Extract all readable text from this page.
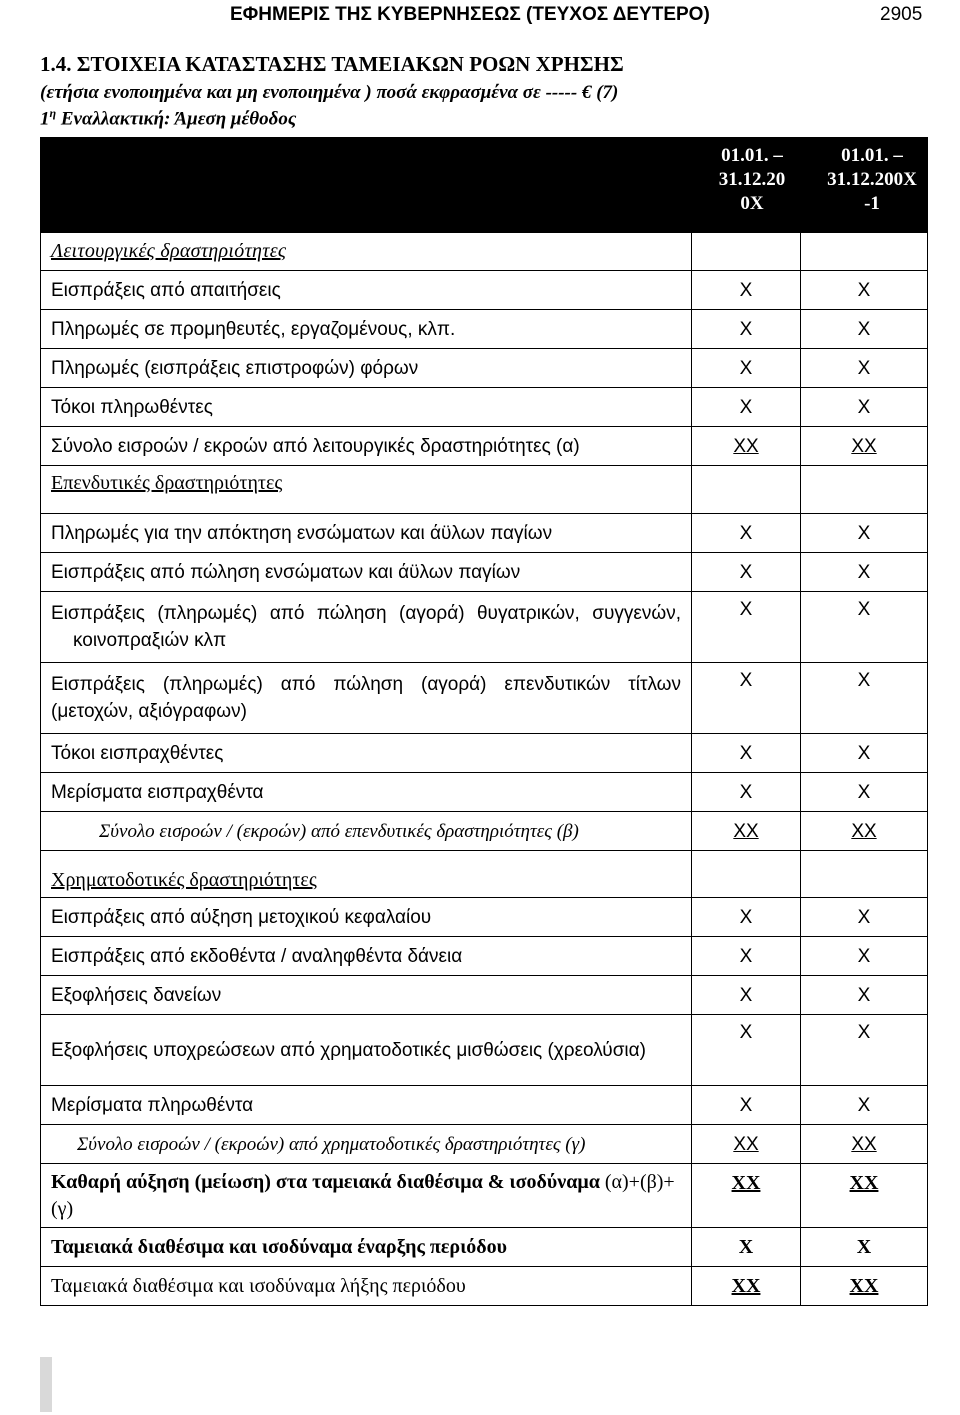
ΕΦΗΜΕΡΙΣ ΤΗΣ ΚΥΒΕΡΝΗΣΕΩΣ (ΤΕΥΧΟΣ ΔΕΥΤΕΡΟ)	2905
1.4. ΣΤΟΙΧΕΙΑ ΚΑΤΑΣΤΑΣΗΣ ΤΑΜΕΙΑΚΩΝ ΡΟΩΝ ΧΡΗΣΗΣ
(ετήσια ενοποιημένα και μη ενοποιημένα ) ποσά εκφρασμένα σε ----- € (7)
$1^\eta$ Εναλλακτική: Άμεση μέθοδος
	01.01. – 31.12.20 0Χ	01.01. – 31.12.200Χ -1
Λειτουργικές δραστηριότητες		
Εισπράξεις από απαιτήσεις	Χ	Χ
Πληρωμές σε προμηθευτές, εργαζομένους, κλπ.	Χ	Χ
Πληρωμές (εισπράξεις επιστροφών) φόρων	Χ	Χ
Τόκοι πληρωθέντες	Χ	Χ
Σύνολο εισροών / εκροών από λειτουργικές δραστηριότητες (α)	ΧΧ	ΧΧ
Επενδυτικές δραστηριότητες		
Πληρωμές για την απόκτηση ενσώματων και άϋλων παγίων	Χ	Χ
Εισπράξεις από πώληση ενσώματων και άϋλων παγίων	Χ	Χ

Εισπράξεις (πληρωμές) από πώληση (αγορά) θυγατρικών, συγγενών, κοινοπραξιών κλπ	Χ	Χ

Εισπράξεις (πληρωμές) από πώληση (αγορά) επενδυτικών τίτλων (μετοχών, αξιόγραφων)	Χ	Χ
Τόκοι εισπραχθέντες	Χ	Χ
Μερίσματα εισπραχθέντα	Χ	Χ
Σύνολο εισροών / (εκροών) από επενδυτικές δραστηριότητες (β)	ΧΧ	ΧΧ
Χρηματοδοτικές δραστηριότητες		
Εισπράξεις από αύξηση μετοχικού κεφαλαίου	Χ	Χ
Εισπράξεις από εκδοθέντα / αναληφθέντα δάνεια	Χ	Χ
Εξοφλήσεις δανείων	Χ	Χ

Εξοφλήσεις υποχρεώσεων από χρηματοδοτικές μισθώσεις (χρεολύσια)	Χ	Χ
Μερίσματα πληρωθέντα	Χ	Χ
Σύνολο εισροών / (εκροών) από χρηματοδοτικές δραστηριότητες (γ)	ΧΧ	ΧΧ
Καθαρή αύξηση (μείωση) στα ταμειακά διαθέσιμα & ισοδύναμα (α)+(β)+(γ)	ΧΧ	ΧΧ
Ταμειακά διαθέσιμα και ισοδύναμα έναρξης περιόδου	Χ	Χ
Ταμειακά διαθέσιμα και ισοδύναμα λήξης περιόδου	ΧΧ	ΧΧ
